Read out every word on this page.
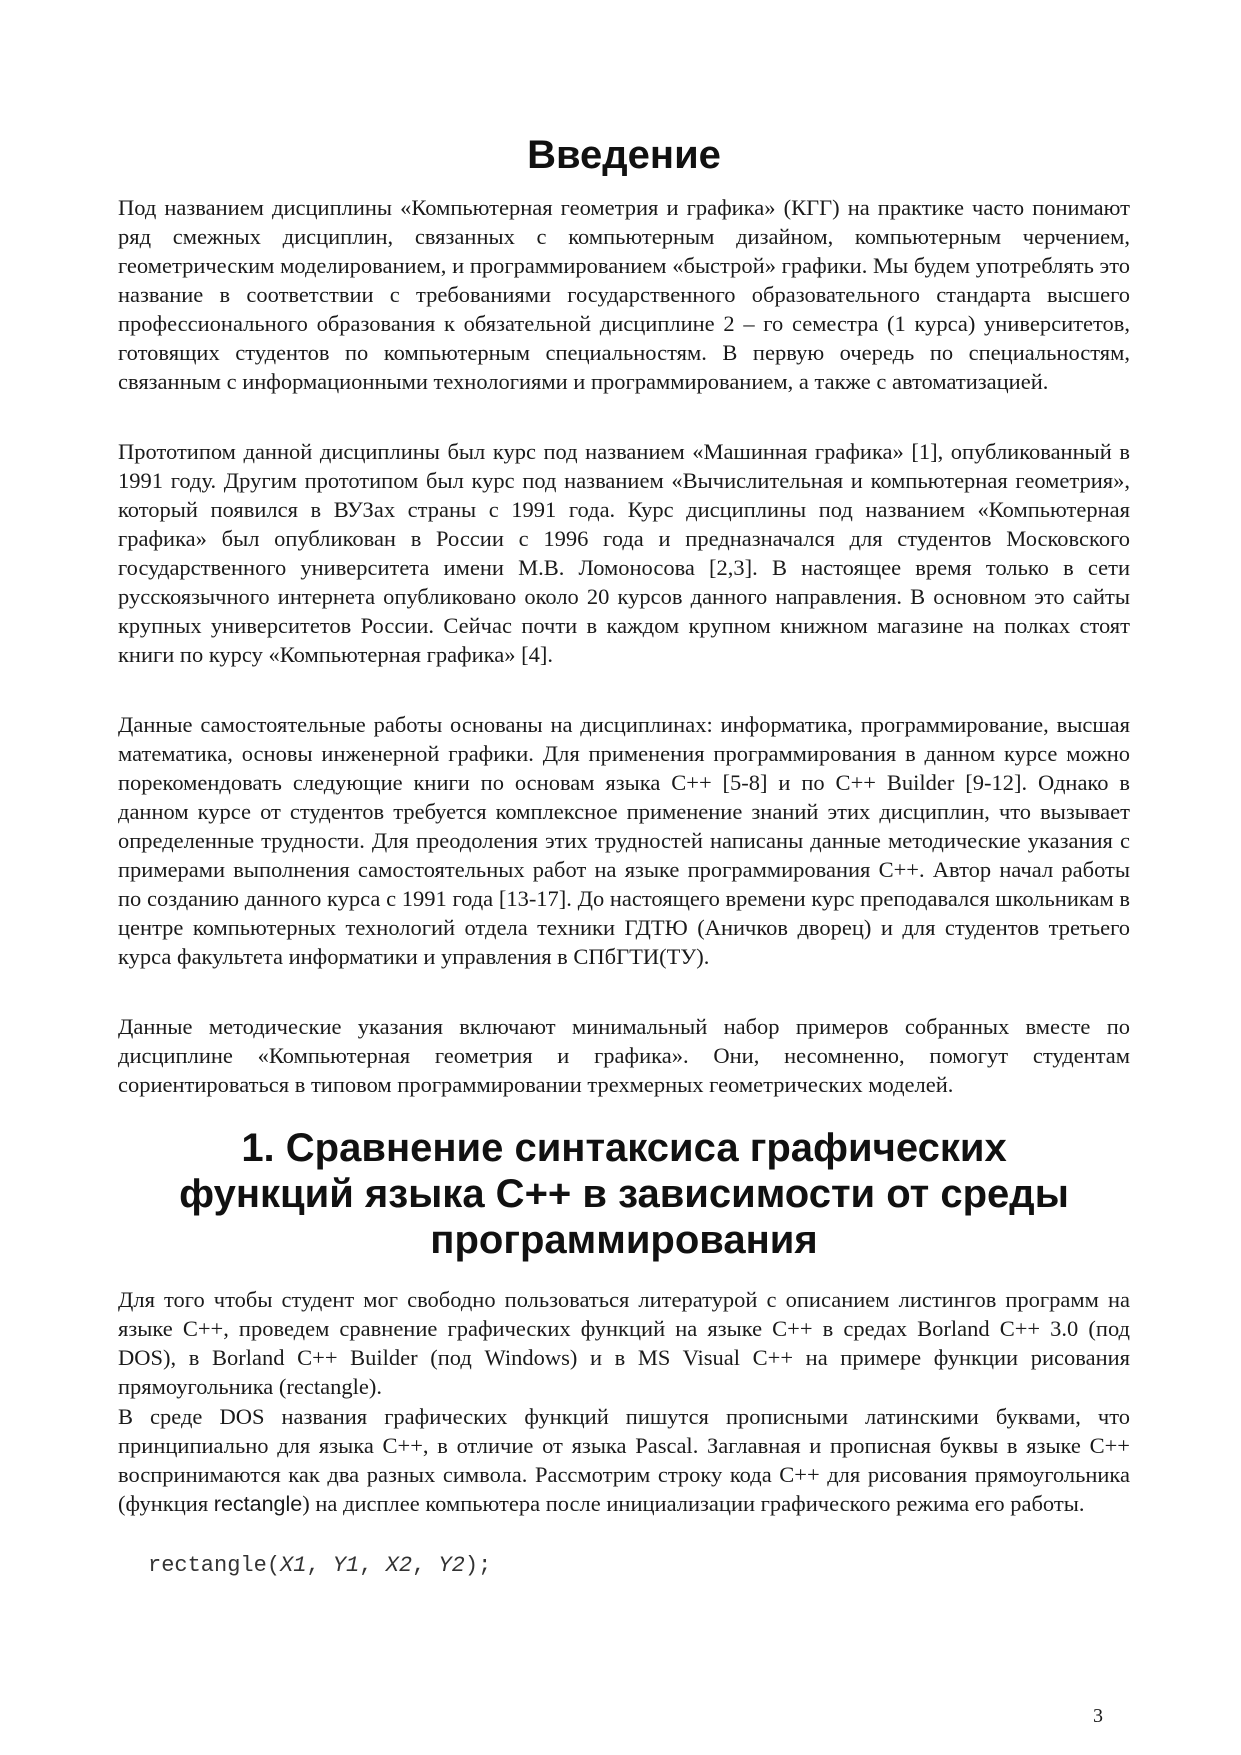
Введение

Под названием дисциплины «Компьютерная геометрия и графика» (КГГ) на практике часто понимают ряд смежных дисциплин, связанных с компьютерным дизайном, компьютерным черчением, геометрическим моделированием, и программированием «быстрой» графики. Мы будем употреблять это название в соответствии с требованиями государственного образовательного стандарта высшего профессионального образования к обязательной дисциплине 2 – го семестра (1 курса) университетов, готовящих студентов по компьютерным специальностям. В первую очередь по специальностям, связанным с информационными технологиями и программированием, а также с автоматизацией.

Прототипом данной дисциплины был курс под названием «Машинная графика» [1], опубликованный в 1991 году. Другим прототипом был курс под названием «Вычислительная и компьютерная геометрия», который появился в ВУЗах страны с 1991 года. Курс дисциплины под названием «Компьютерная графика» был опубликован в России с 1996 года и предназначался для студентов Московского государственного университета имени М.В. Ломоносова [2,3]. В настоящее время только в сети русскоязычного интернета опубликовано около 20 курсов данного направления. В основном это сайты крупных университетов России. Сейчас почти в каждом крупном книжном магазине на полках стоят книги по курсу «Компьютерная графика» [4].

Данные самостоятельные работы основаны на дисциплинах: информатика, программирование, высшая математика, основы инженерной графики. Для применения программирования в данном курсе можно порекомендовать следующие книги по основам языка С++ [5-8] и по С++ Builder [9-12]. Однако в данном курсе от студентов требуется комплексное применение знаний этих дисциплин, что вызывает определенные трудности. Для преодоления этих трудностей написаны данные методические указания с примерами выполнения самостоятельных работ на языке программирования С++. Автор начал работы по созданию данного курса с 1991 года [13-17]. До настоящего времени курс преподавался школьникам в центре компьютерных технологий отдела техники ГДТЮ (Аничков дворец) и для студентов третьего курса факультета информатики и управления в СПбГТИ(ТУ).

Данные методические указания включают минимальный набор примеров собранных вместе по дисциплине «Компьютерная геометрия и графика». Они, несомненно, помогут студентам сориентироваться в типовом программировании трехмерных геометрических моделей.

1. Сравнение синтаксиса графических
функций языка С++ в зависимости от среды
программирования

Для того чтобы студент мог свободно пользоваться литературой с описанием листингов программ на языке С++, проведем сравнение графических функций на языке С++ в средах Borland C++ 3.0 (под DOS), в Borland C++ Builder (под Windows) и в MS Visual C++ на примере функции рисования прямоугольника (rectangle).

В среде DOS названия графических функций пишутся прописными латинскими буквами, что принципиально для языка С++, в отличие от языка Pascal. Заглавная и прописная буквы в языке С++ воспринимаются как два разных символа. Рассмотрим строку кода С++ для рисования прямоугольника (функция rectangle) на дисплее компьютера после инициализации графического режима его работы.

rectangle(X1, Y1, X2, Y2);
3
